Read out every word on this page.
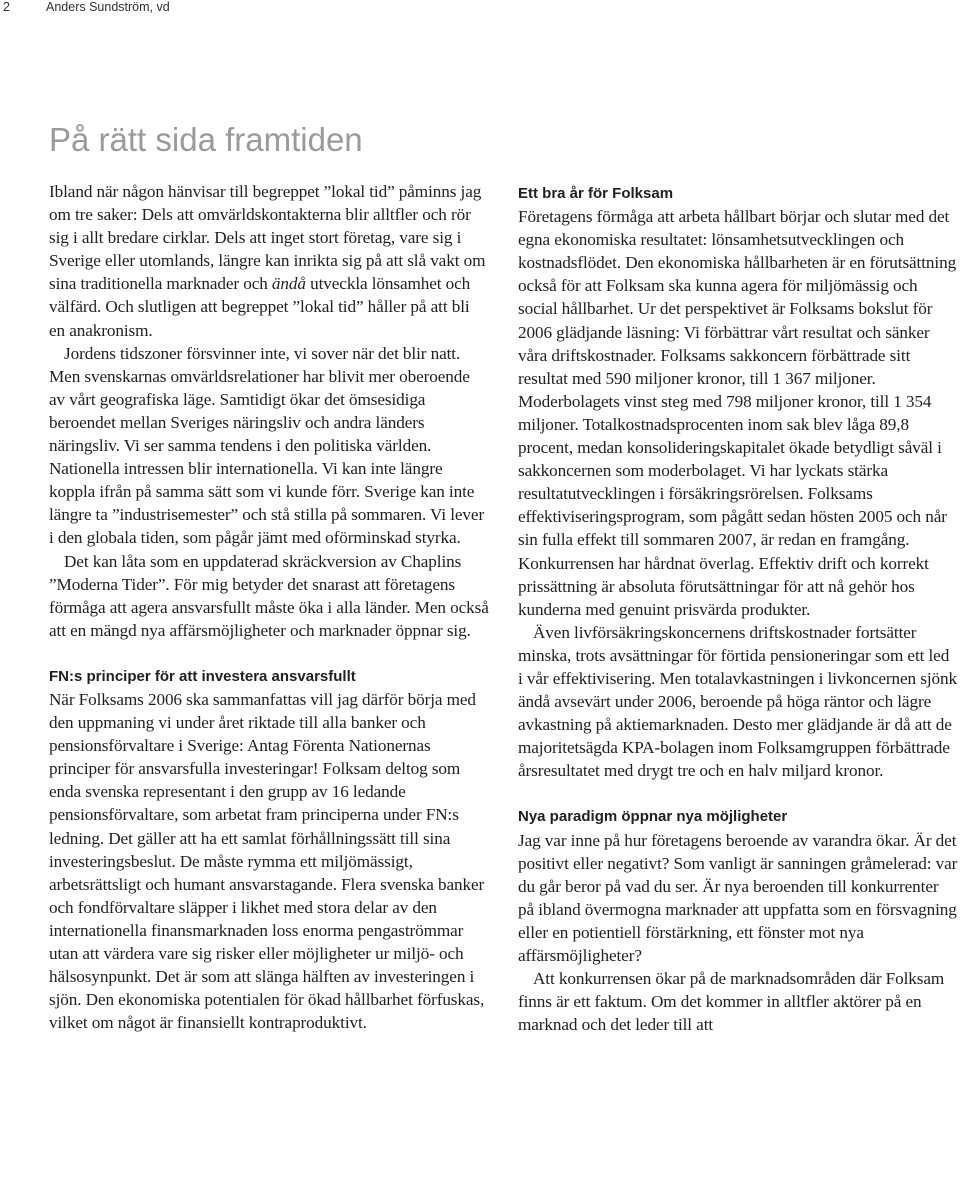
2	Anders Sundström, vd
På rätt sida framtiden

Ibland när någon hänvisar till begreppet ”lokal tid” påminns jag om tre saker: Dels att omvärldskontakterna blir alltfler och rör sig i allt bredare cirklar. Dels att inget stort företag, vare sig i Sverige eller utomlands, längre kan inrikta sig på att slå vakt om sina traditionella marknader och ändå utveckla lönsamhet och välfärd. Och slutligen att begreppet ”lokal tid” håller på att bli en anakronism.

Jordens tidszoner försvinner inte, vi sover när det blir natt. Men svenskarnas omvärldsrelationer har blivit mer oberoende av vårt geografiska läge. Samtidigt ökar det ömsesidiga beroendet mellan Sveriges näringsliv och andra länders näringsliv. Vi ser samma tendens i den politiska världen. Nationella intressen blir internationella. Vi kan inte längre koppla ifrån på samma sätt som vi kunde förr. Sverige kan inte längre ta ”industrisemester” och stå stilla på sommaren. Vi lever i den globala tiden, som pågår jämt med oförminskad styrka.

Det kan låta som en uppdaterad skräckversion av Chaplins ”Moderna Tider”. För mig betyder det snarast att företagens förmåga att agera ansvarsfullt måste öka i alla länder. Men också att en mängd nya affärsmöjligheter och marknader öppnar sig.

FN:s principer för att investera ansvarsfullt

När Folksams 2006 ska sammanfattas vill jag därför börja med den uppmaning vi under året riktade till alla banker och pensionsförvaltare i Sverige: Antag Förenta Nationernas principer för ansvarsfulla investeringar! Folksam deltog som enda svenska representant i den grupp av 16 ledande pensionsförvaltare, som arbetat fram principerna under FN:s ledning. Det gäller att ha ett samlat förhållningssätt till sina investeringsbeslut. De måste rymma ett miljömässigt, arbetsrättsligt och humant ansvarstagande. Flera svenska banker och fondförvaltare släpper i likhet med stora delar av den internationella finansmarknaden loss enorma pengaströmmar utan att värdera vare sig risker eller möjligheter ur miljö- och hälsosynpunkt. Det är som att slänga hälften av investeringen i sjön. Den ekonomiska potentialen för ökad hållbarhet förfuskas, vilket om något är finansiellt kontraproduktivt.

Ett bra år för Folksam

Företagens förmåga att arbeta hållbart börjar och slutar med det egna ekonomiska resultatet: lönsamhetsutvecklingen och kostnadsflödet. Den ekonomiska hållbarheten är en förutsättning också för att Folksam ska kunna agera för miljömässig och social hållbarhet. Ur det perspektivet är Folksams bokslut för 2006 glädjande läsning: Vi förbättrar vårt resultat och sänker våra driftskostnader. Folksams sakkoncern förbättrade sitt resultat med 590 miljoner kronor, till 1 367 miljoner. Moderbolagets vinst steg med 798 miljoner kronor, till 1 354 miljoner. Totalkostnadsprocenten inom sak blev låga 89,8 procent, medan konsolideringskapitalet ökade betydligt såväl i sakkoncernen som moderbolaget. Vi har lyckats stärka resultatutvecklingen i försäkringsrörelsen. Folksams effektiviseringsprogram, som pågått sedan hösten 2005 och når sin fulla effekt till sommaren 2007, är redan en framgång. Konkurrensen har hårdnat överlag. Effektiv drift och korrekt prissättning är absoluta förutsättningar för att nå gehör hos kunderna med genuint prisvärda produkter.

Även livförsäkringskoncernens driftskostnader fortsätter minska, trots avsättningar för förtida pensioneringar som ett led i vår effektivisering. Men totalavkastningen i livkoncernen sjönk ändå avsevärt under 2006, beroende på höga räntor och lägre avkastning på aktiemarknaden. Desto mer glädjande är då att de majoritetsägda KPA-bolagen inom Folksamgruppen förbättrade årsresultatet med drygt tre och en halv miljard kronor.

Nya paradigm öppnar nya möjligheter

Jag var inne på hur företagens beroende av varandra ökar. Är det positivt eller negativt? Som vanligt är sanningen gråmelerad: var du går beror på vad du ser. Är nya beroenden till konkurrenter på ibland övermogna marknader att uppfatta som en försvagning eller en potientiell förstärkning, ett fönster mot nya affärsmöjligheter?

Att konkurrensen ökar på de marknadsområden där Folksam finns är ett faktum. Om det kommer in alltfler aktörer på en marknad och det leder till att
